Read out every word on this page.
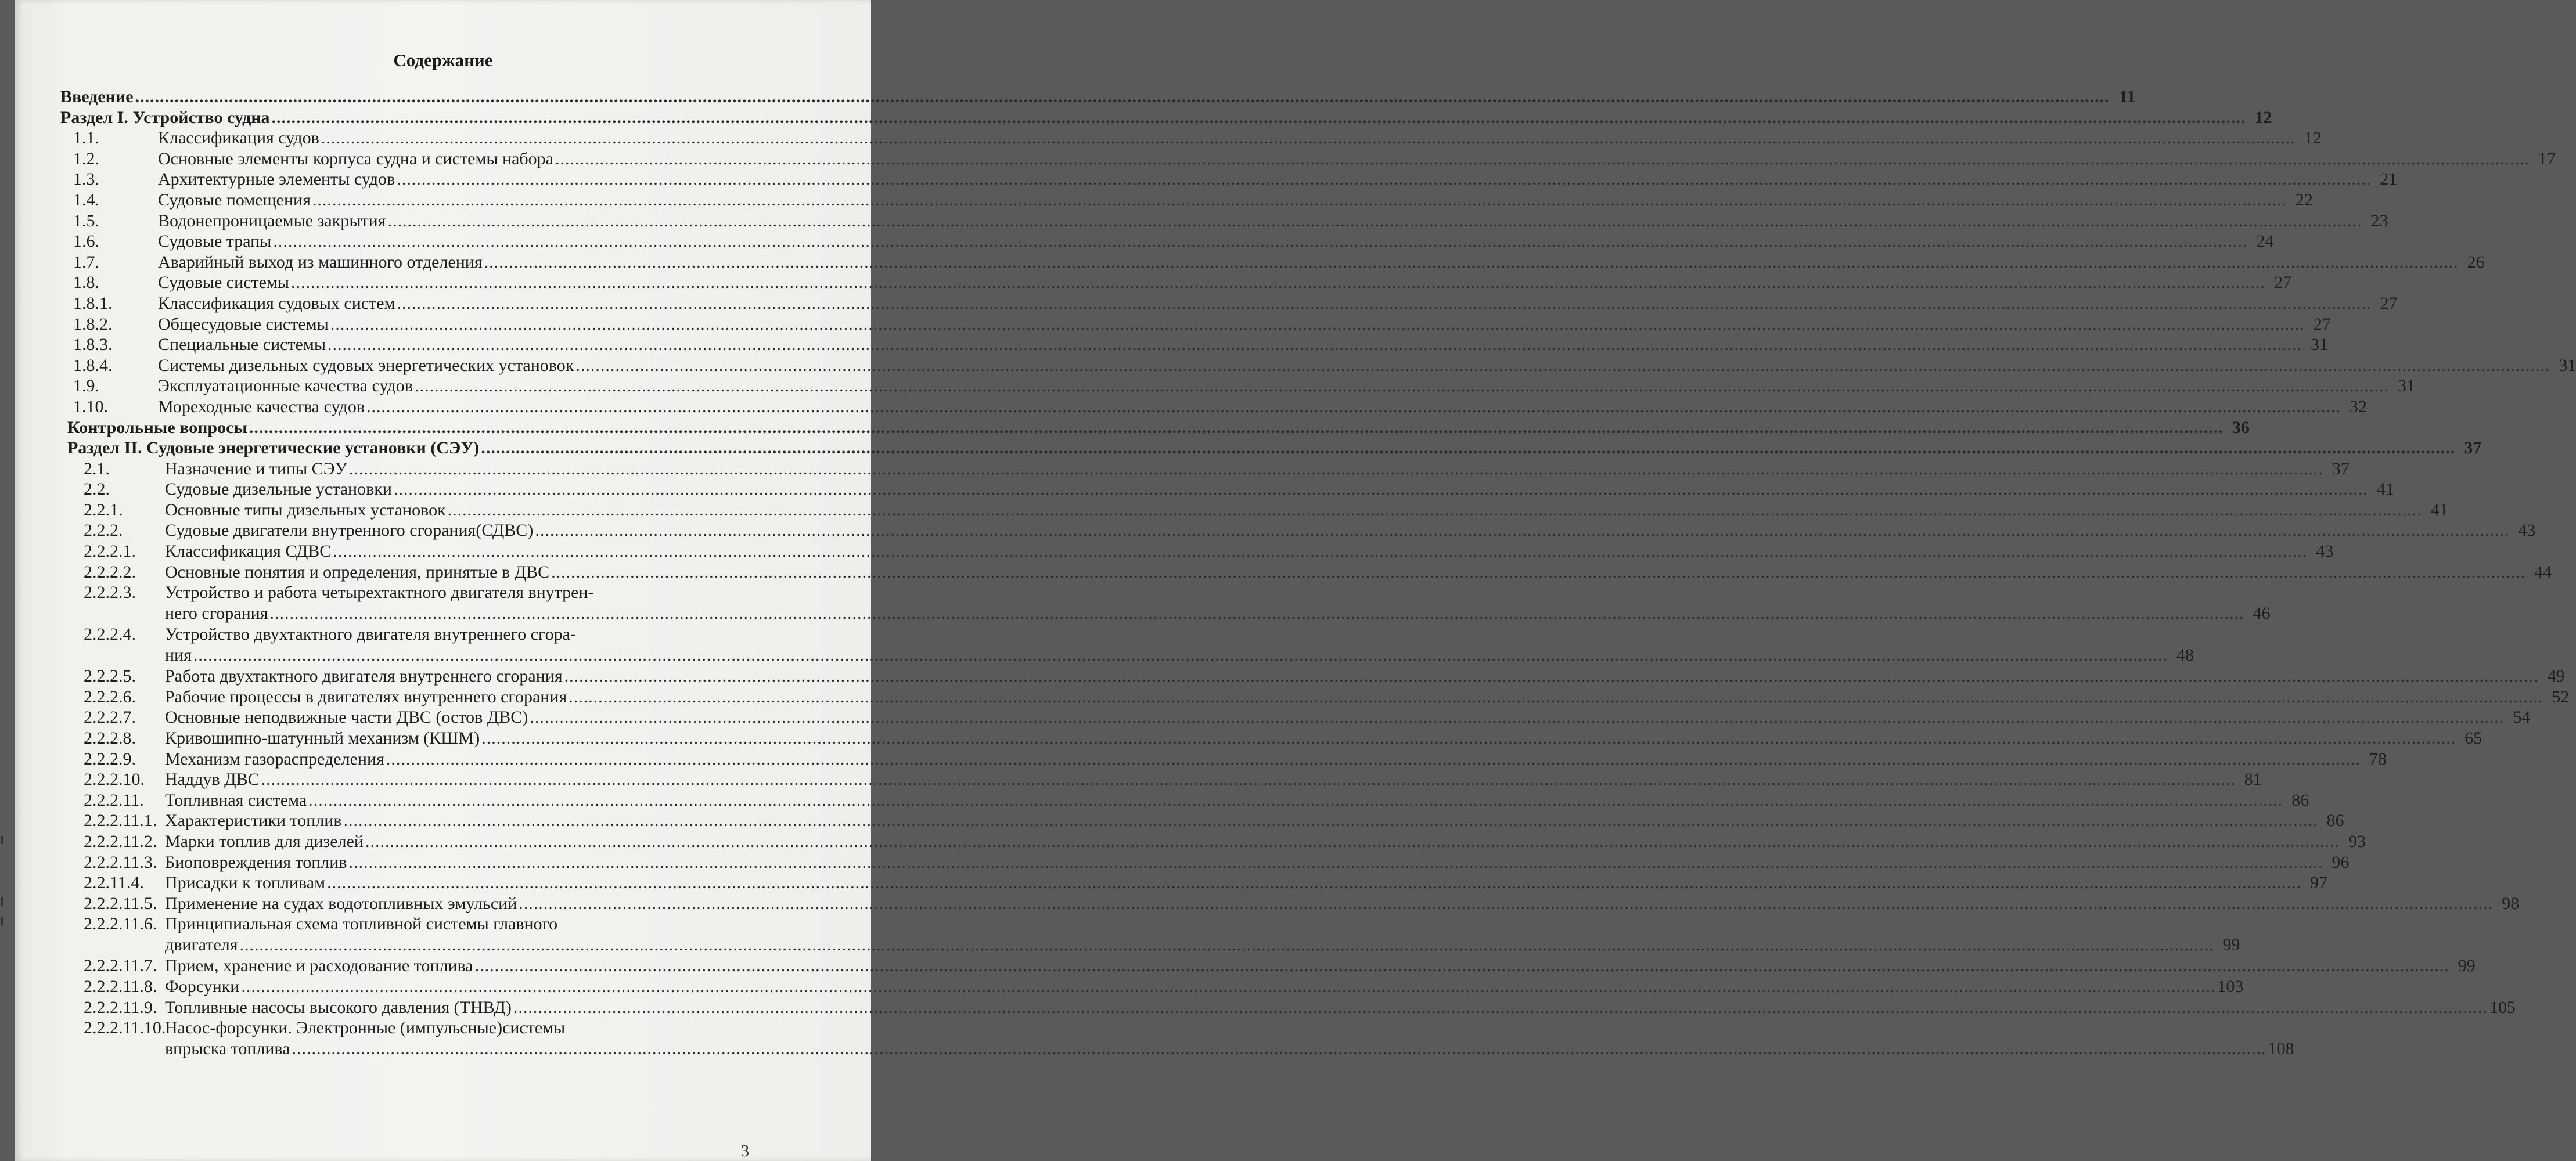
Содержание
Введение ................................................................................................................................................................................................................................................................................................................................................................................................................ 11
Раздел I. Устройство судна ................................................................................................................................................................................................................................................................................................................................................................................................................ 12
1.1.	Классификация судов ................................................................................................................................................................................................................................................................................................................................................................................................................ 12
1.2.	Основные элементы корпуса судна и системы набора ................................................................................................................................................................................................................................................................................................................................................................................................................ 17
1.3.	Архитектурные элементы судов ................................................................................................................................................................................................................................................................................................................................................................................................................ 21
1.4.	Судовые помещения ................................................................................................................................................................................................................................................................................................................................................................................................................ 22
1.5.	Водонепроницаемые закрытия ................................................................................................................................................................................................................................................................................................................................................................................................................ 23
1.6.	Судовые трапы ................................................................................................................................................................................................................................................................................................................................................................................................................ 24
1.7.	Аварийный выход из машинного отделения ................................................................................................................................................................................................................................................................................................................................................................................................................ 26
1.8.	Судовые системы ................................................................................................................................................................................................................................................................................................................................................................................................................ 27
1.8.1.	Классификация судовых систем ................................................................................................................................................................................................................................................................................................................................................................................................................ 27
1.8.2.	Общесудовые системы ................................................................................................................................................................................................................................................................................................................................................................................................................ 27
1.8.3.	Специальные системы ................................................................................................................................................................................................................................................................................................................................................................................................................ 31
1.8.4.	Системы дизельных судовых энергетических установок ................................................................................................................................................................................................................................................................................................................................................................................................................ 31
1.9.	Эксплуатационные качества судов ................................................................................................................................................................................................................................................................................................................................................................................................................ 31
1.10.	Мореходные качества судов ................................................................................................................................................................................................................................................................................................................................................................................................................ 32
Контрольные вопросы ................................................................................................................................................................................................................................................................................................................................................................................................................ 36
Раздел II. Судовые энергетические установки (СЭУ) ................................................................................................................................................................................................................................................................................................................................................................................................................ 37
2.1.	Назначение и типы СЭУ ................................................................................................................................................................................................................................................................................................................................................................................................................ 37
2.2.	Судовые дизельные установки ................................................................................................................................................................................................................................................................................................................................................................................................................ 41
2.2.1. Основные типы дизельных установок ................................................................................................................................................................................................................................................................................................................................................................................................................ 41
2.2.2. Судовые двигатели внутренного сгорания(СДВС) ................................................................................................................................................................................................................................................................................................................................................................................................................ 43
2.2.2.1. Классификация СДВС ................................................................................................................................................................................................................................................................................................................................................................................................................ 43
2.2.2.2. Основные понятия и определения, принятые в ДВС ................................................................................................................................................................................................................................................................................................................................................................................................................ 44
2.2.2.3. Устройство и работа четырехтактного двигателя внутрен-
него сгорания ................................................................................................................................................................................................................................................................................................................................................................................................................ 46
2.2.2.4. Устройство двухтактного двигателя внутреннего сгора-
ния ................................................................................................................................................................................................................................................................................................................................................................................................................ 48
2.2.2.5. Работа двухтактного двигателя внутреннего сгорания ................................................................................................................................................................................................................................................................................................................................................................................................................ 49
2.2.2.6. Рабочие процессы в двигателях внутреннего сгорания ................................................................................................................................................................................................................................................................................................................................................................................................................ 52
2.2.2.7. Основные неподвижные части ДВС (остов ДВС) ................................................................................................................................................................................................................................................................................................................................................................................................................ 54
2.2.2.8. Кривошипно-шатунный механизм (КШМ) ................................................................................................................................................................................................................................................................................................................................................................................................................ 65
2.2.2.9. Механизм газораспределения ................................................................................................................................................................................................................................................................................................................................................................................................................ 78
2.2.2.10. Наддув ДВС ................................................................................................................................................................................................................................................................................................................................................................................................................ 81
2.2.2.11. Топливная система ................................................................................................................................................................................................................................................................................................................................................................................................................ 86
2.2.2.11.1. Характеристики топлив ................................................................................................................................................................................................................................................................................................................................................................................................................ 86
2.2.2.11.2. Марки топлив для дизелей ................................................................................................................................................................................................................................................................................................................................................................................................................ 93
2.2.2.11.3. Биоповреждения топлив ................................................................................................................................................................................................................................................................................................................................................................................................................ 96
2.2.11.4. Присадки к топливам ................................................................................................................................................................................................................................................................................................................................................................................................................ 97
2.2.2.11.5. Применение на судах водотопливных эмульсий ................................................................................................................................................................................................................................................................................................................................................................................................................ 98
2.2.2.11.6. Принципиальная схема топливной системы главного
двигателя ................................................................................................................................................................................................................................................................................................................................................................................................................ 99
2.2.2.11.7. Прием, хранение и расходование топлива ................................................................................................................................................................................................................................................................................................................................................................................................................ 99
2.2.2.11.8. Форсунки ................................................................................................................................................................................................................................................................................................................................................................................................................ 103
2.2.2.11.9. Топливные насосы высокого давления (ТНВД) ................................................................................................................................................................................................................................................................................................................................................................................................................ 105
2.2.2.11.10.
Насос-форсунки. Электронные (импульсные)системы
впрыска топлива ................................................................................................................................................................................................................................................................................................................................................................................................................ 108
3
